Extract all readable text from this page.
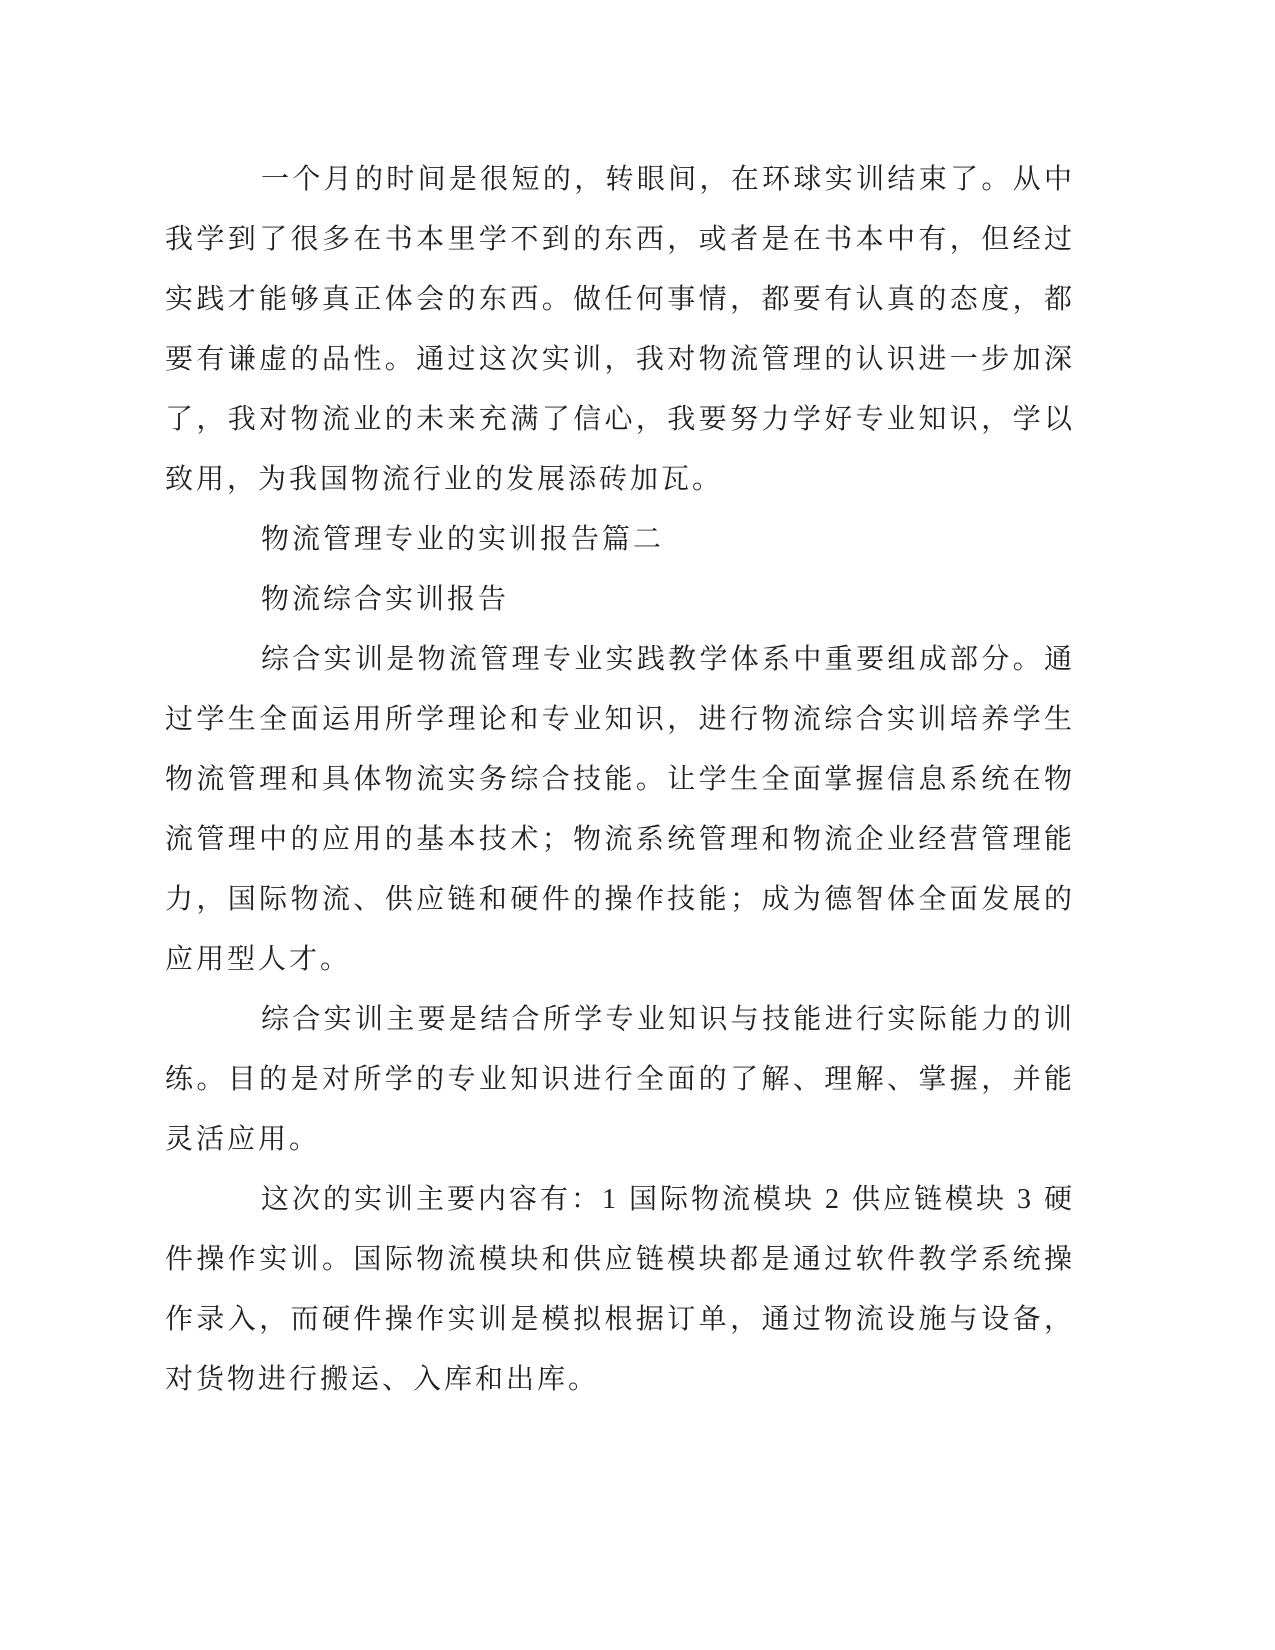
一个月的时间是很短的，转眼间，在环球实训结束了。从中我学到了很多在书本里学不到的东西，或者是在书本中有，但经过实践才能够真正体会的东西。做任何事情，都要有认真的态度，都要有谦虚的品性。通过这次实训，我对物流管理的认识进一步加深了，我对物流业的未来充满了信心，我要努力学好专业知识，学以致用，为我国物流行业的发展添砖加瓦。

物流管理专业的实训报告篇二

物流综合实训报告

综合实训是物流管理专业实践教学体系中重要组成部分。通过学生全面运用所学理论和专业知识，进行物流综合实训培养学生物流管理和具体物流实务综合技能。让学生全面掌握信息系统在物流管理中的应用的基本技术；物流系统管理和物流企业经营管理能力，国际物流、供应链和硬件的操作技能；成为德智体全面发展的应用型人才。

综合实训主要是结合所学专业知识与技能进行实际能力的训练。目的是对所学的专业知识进行全面的了解、理解、掌握，并能灵活应用。

这次的实训主要内容有：1 国际物流模块 2 供应链模块 3 硬件操作实训。国际物流模块和供应链模块都是通过软件教学系统操作录入，而硬件操作实训是模拟根据订单，通过物流设施与设备，对货物进行搬运、入库和出库。
